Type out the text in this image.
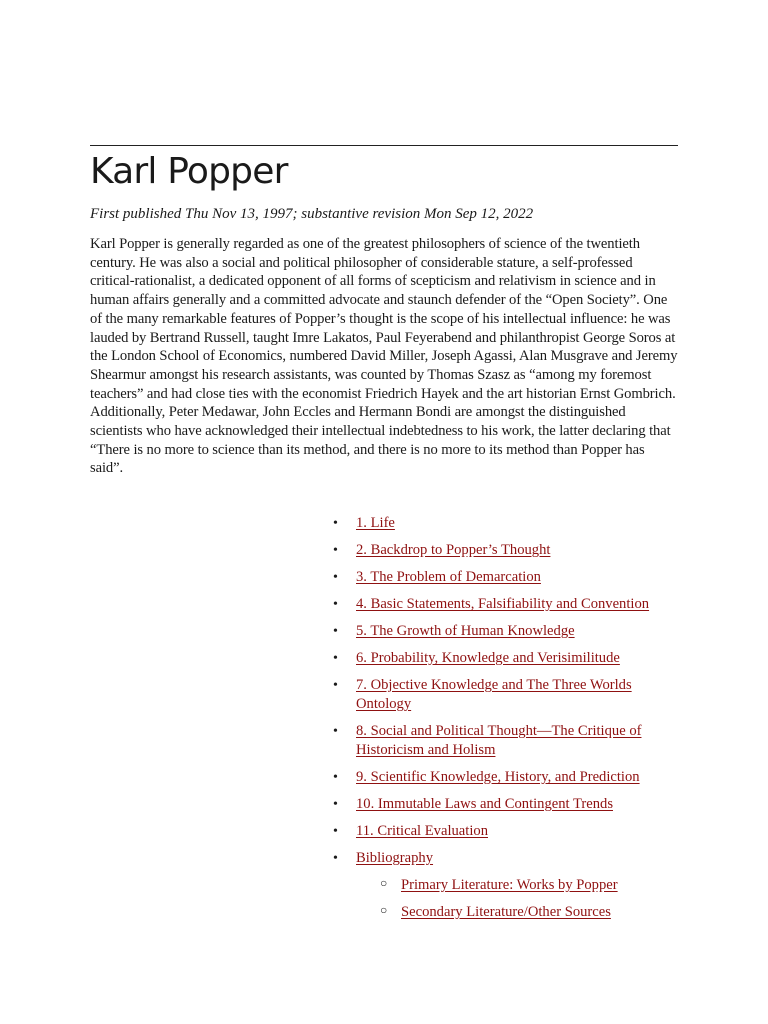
Karl Popper
First published Thu Nov 13, 1997; substantive revision Mon Sep 12, 2022

Karl Popper is generally regarded as one of the greatest philosophers of science of the twentieth century. He was also a social and political philosopher of considerable stature, a self-professed critical-rationalist, a dedicated opponent of all forms of scepticism and relativism in science and in human affairs generally and a committed advocate and staunch defender of the “Open Society”. One of the many remarkable features of Popper’s thought is the scope of his intellectual influence: he was lauded by Bertrand Russell, taught Imre Lakatos, Paul Feyerabend and philanthropist George Soros at the London School of Economics, numbered David Miller, Joseph Agassi, Alan Musgrave and Jeremy Shearmur amongst his research assistants, was counted by Thomas Szasz as “among my foremost teachers” and had close ties with the economist Friedrich Hayek and the art historian Ernst Gombrich. Additionally, Peter Medawar, John Eccles and Hermann Bondi are amongst the distinguished scientists who have acknowledged their intellectual indebtedness to his work, the latter declaring that “There is no more to science than its method, and there is no more to its method than Popper has said”.

•	1. Life
•	2. Backdrop to Popper’s Thought
•	3. The Problem of Demarcation
•	4. Basic Statements, Falsifiability and Convention
•	5. The Growth of Human Knowledge
•	6. Probability, Knowledge and Verisimilitude
•	7. Objective Knowledge and The Three Worlds Ontology
•	8. Social and Political Thought—The Critique of Historicism and Holism
•	9. Scientific Knowledge, History, and Prediction
•	10. Immutable Laws and Contingent Trends
•	11. Critical Evaluation
•	Bibliography
○ Primary Literature: Works by Popper
○ Secondary Literature/Other Sources
